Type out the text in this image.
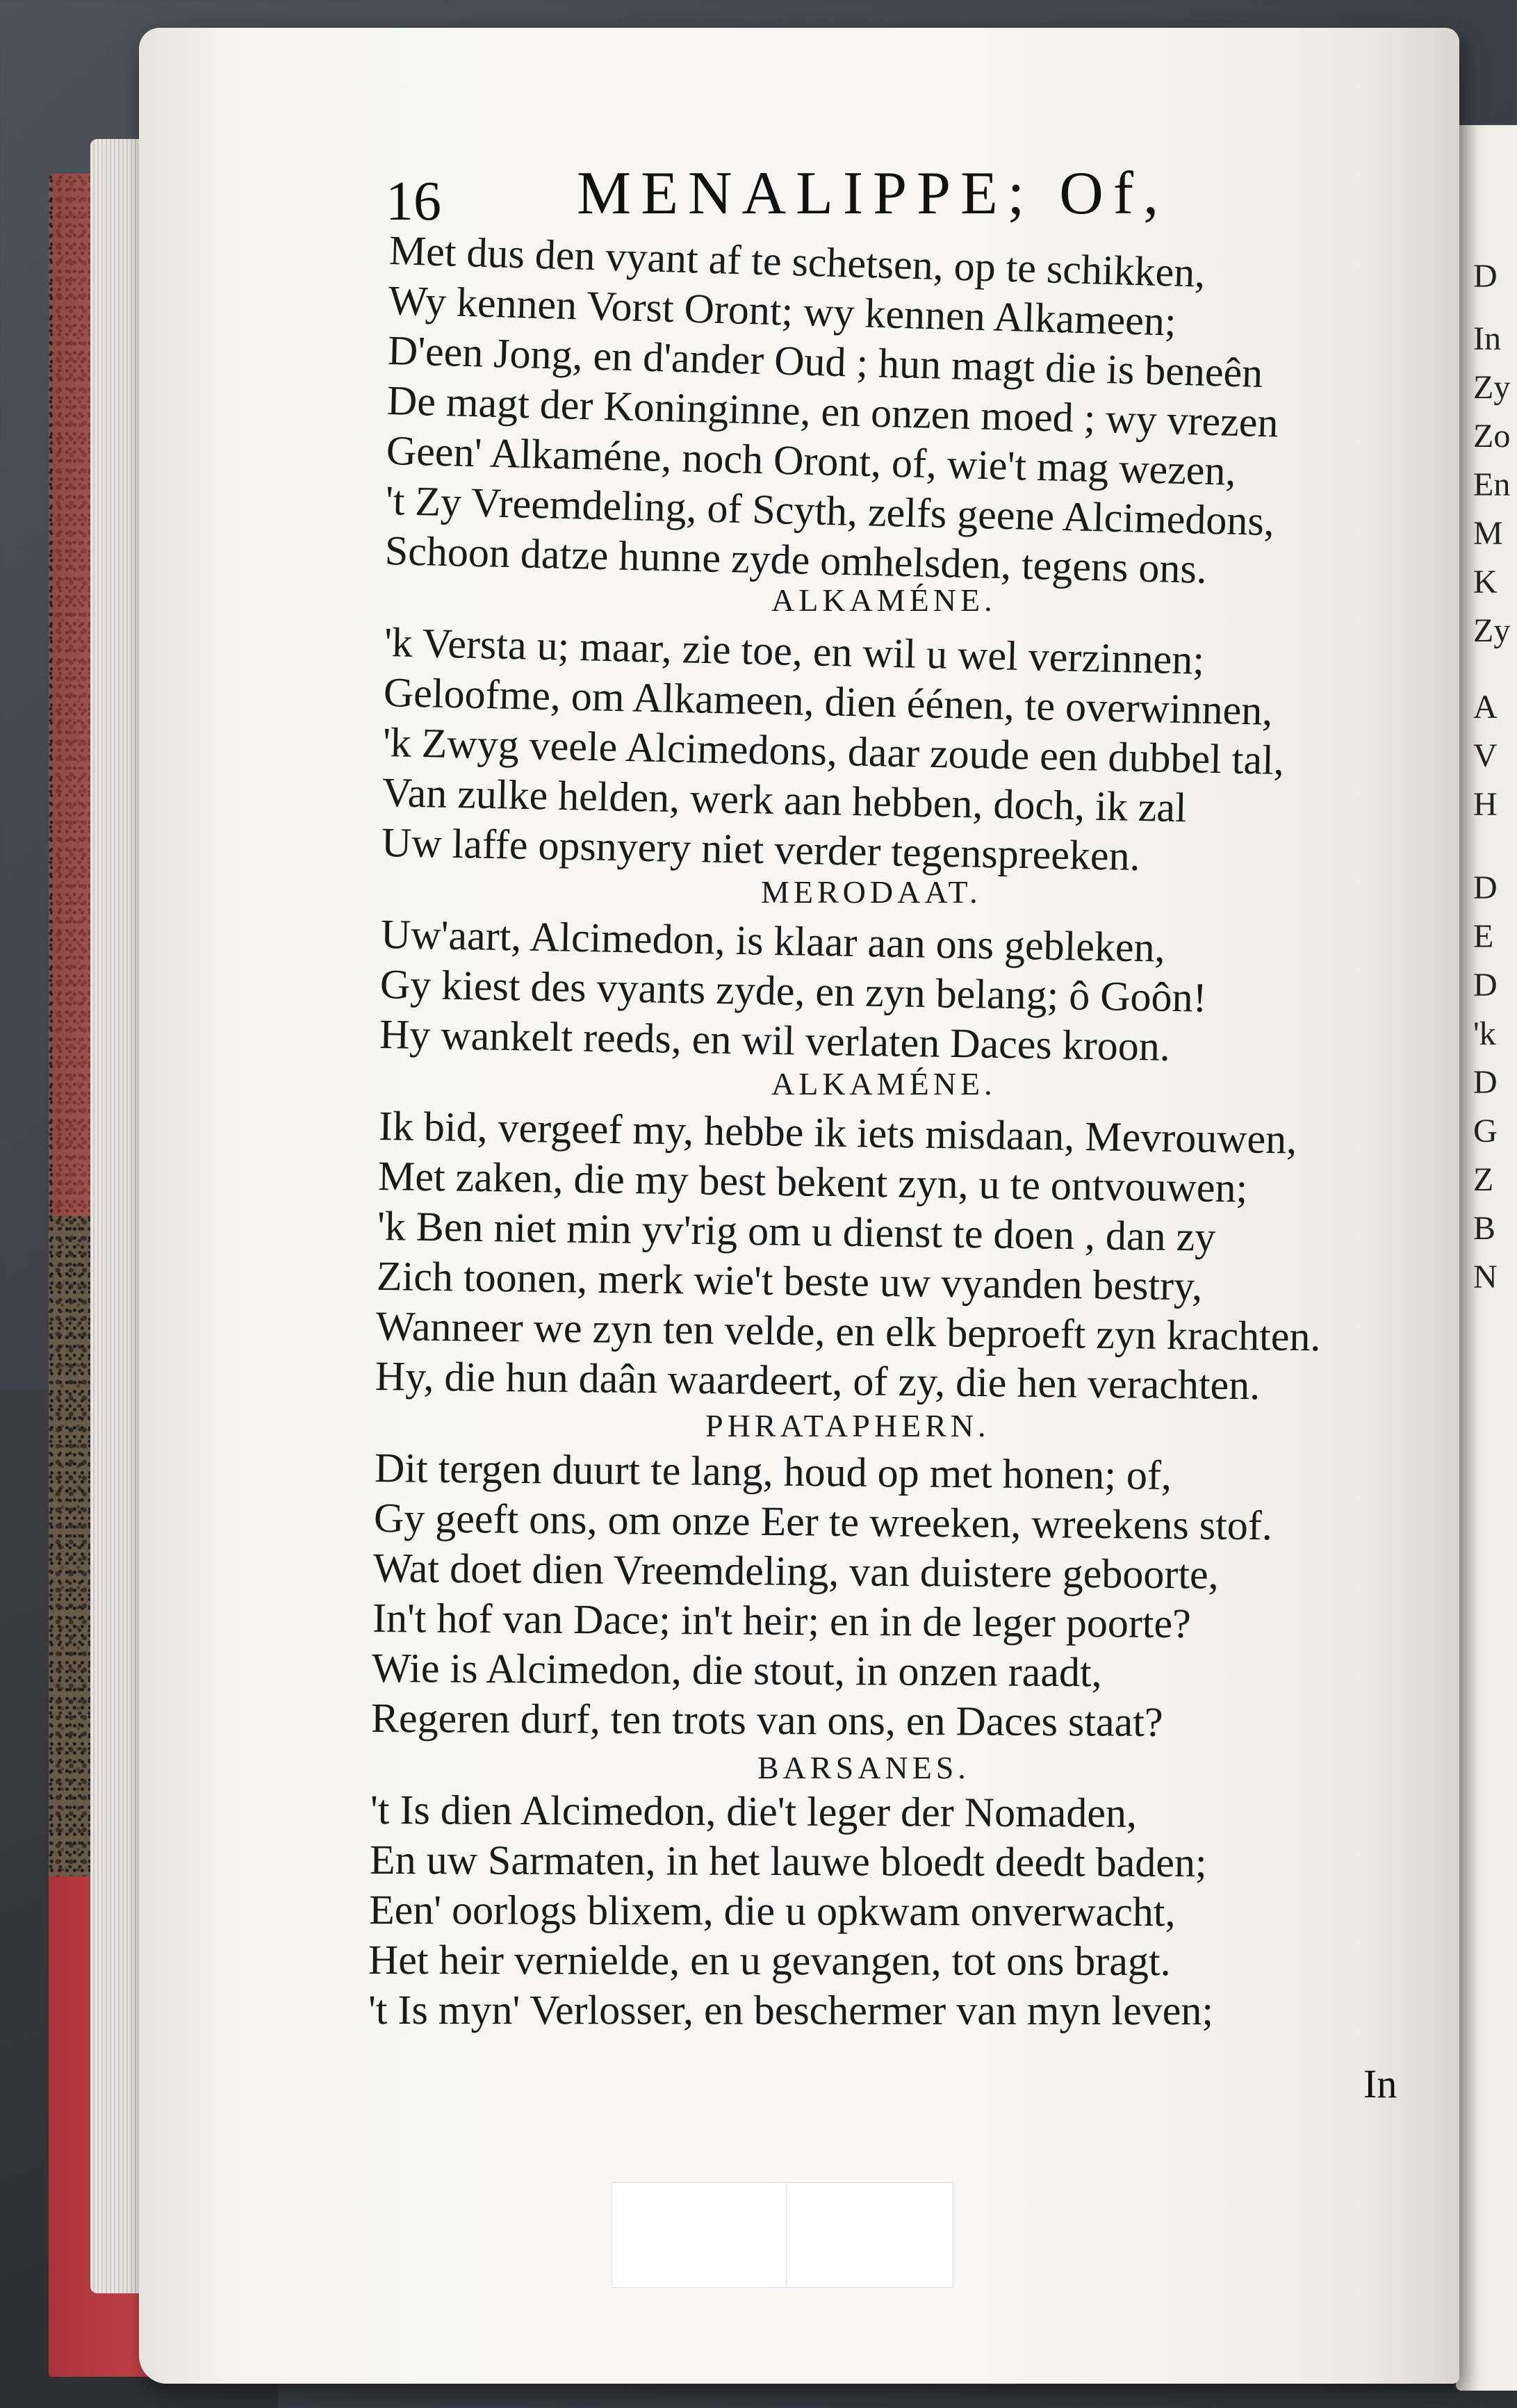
16 MENALIPPE; Of,
Met dus den vyant af te schetsen, op te schikken,
Wy kennen Vorst Oront; wy kennen Alkameen;
D'een Jong, en d'ander Oud ; hun magt die is beneên
De magt der Koninginne, en onzen moed ; wy vrezen
Geen' Alkaméne, noch Oront, of, wie't mag wezen,
't Zy Vreemdeling, of Scyth, zelfs geene Alcimedons,
Schoon datze hunne zyde omhelsden, tegens ons.
ALKAMÉNE.
'k Versta u; maar, zie toe, en wil u wel verzinnen;
Geloofme, om Alkameen, dien éénen, te overwinnen,
'k Zwyg veele Alcimedons, daar zoude een dubbel tal,
Van zulke helden, werk aan hebben, doch, ik zal
Uw laffe opsnyery niet verder tegenspreeken.
MERODAAT.
Uw'aart, Alcimedon, is klaar aan ons gebleken,
Gy kiest des vyants zyde, en zyn belang; ô Goôn!
Hy wankelt reeds, en wil verlaten Daces kroon.
ALKAMÉNE.
Ik bid, vergeef my, hebbe ik iets misdaan, Mevrouwen,
Met zaken, die my best bekent zyn, u te ontvouwen;
'k Ben niet min yv'rig om u dienst te doen , dan zy
Zich toonen, merk wie't beste uw vyanden bestry,
Wanneer we zyn ten velde, en elk beproeft zyn krachten.
Hy, die hun daân waardeert, of zy, die hen verachten.
PHRATAPHERN.
Dit tergen duurt te lang, houd op met honen; of,
Gy geeft ons, om onze Eer te wreeken, wreekens stof.
Wat doet dien Vreemdeling, van duistere geboorte,
In't hof van Dace; in't heir; en in de leger poorte?
Wie is Alcimedon, die stout, in onzen raadt,
Regeren durf, ten trots van ons, en Daces staat?
BARSANES.
't Is dien Alcimedon, die't leger der Nomaden,
En uw Sarmaten, in het lauwe bloedt deedt baden;
Een' oorlogs blixem, die u opkwam onverwacht,
Het heir vernielde, en u gevangen, tot ons bragt.
't Is myn' Verlosser, en beschermer van myn leven;
In
D
In
Zy
Zo
En
M
K
Zy
A
V
H
D
E
D
'k
D
G
Z
B
N
